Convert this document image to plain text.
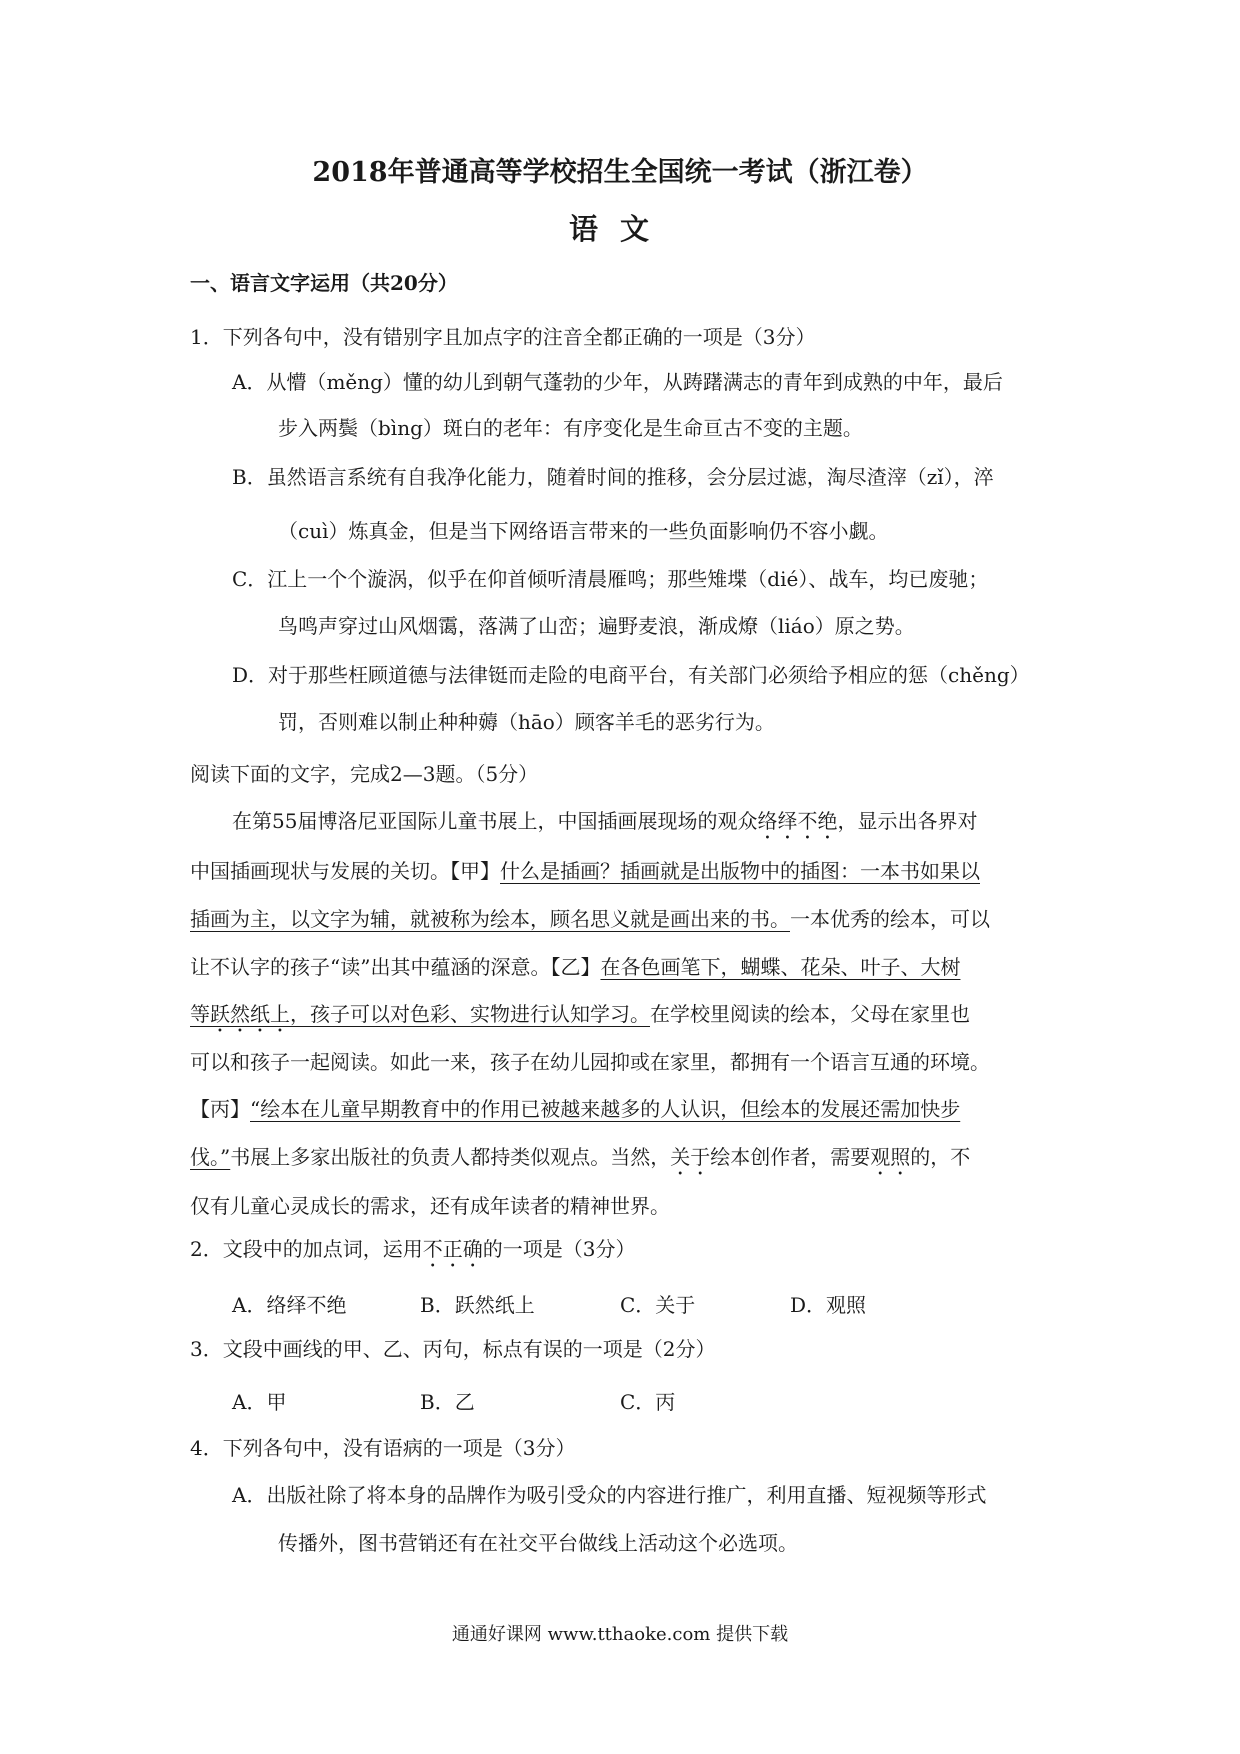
2018年普通高等学校招生全国统一考试（浙江卷）
语文
一、语言文字运用（共20分）
1．下列各句中，没有错别字且加点字的注音全都正确的一项是（3分）
A．从懵（měng）懂的幼儿到朝气蓬勃的少年，从踌躇满志的青年到成熟的中年，最后
步入两鬓（bìng）斑白的老年：有序变化是生命亘古不变的主题。
B．虽然语言系统有自我净化能力，随着时间的推移，会分层过滤，淘尽渣滓（zǐ），淬
（cuì）炼真金，但是当下网络语言带来的一些负面影响仍不容小觑。
C．江上一个个漩涡，似乎在仰首倾听清晨雁鸣；那些雉堞（dié）、战车，均已废驰；
鸟鸣声穿过山风烟霭，落满了山峦；遍野麦浪，渐成燎（liáo）原之势。
D．对于那些枉顾道德与法律铤而走险的电商平台，有关部门必须给予相应的惩（chěng）
罚，否则难以制止种种薅（hāo）顾客羊毛的恶劣行为。
阅读下面的文字，完成2—3题。（5分）
在第55届博洛尼亚国际儿童书展上，中国插画展现场的观众络绎不绝，显示出各界对
中国插画现状与发展的关切。【甲】什么是插画？插画就是出版物中的插图：一本书如果以
插画为主，以文字为辅，就被称为绘本，顾名思义就是画出来的书。一本优秀的绘本，可以
让不认字的孩子“读”出其中蕴涵的深意。【乙】在各色画笔下，蝴蝶、花朵、叶子、大树
等跃然纸上，孩子可以对色彩、实物进行认知学习。在学校里阅读的绘本，父母在家里也
可以和孩子一起阅读。如此一来，孩子在幼儿园抑或在家里，都拥有一个语言互通的环境。
【丙】“绘本在儿童早期教育中的作用已被越来越多的人认识，但绘本的发展还需加快步
伐。”书展上多家出版社的负责人都持类似观点。当然，关于绘本创作者，需要观照的，不
仅有儿童心灵成长的需求，还有成年读者的精神世界。
2．文段中的加点词，运用不正确的一项是（3分）
A．络绎不绝	B．跃然纸上	C．关于	D．观照
3．文段中画线的甲、乙、丙句，标点有误的一项是（2分）
A．甲	B．乙	C．丙
4．下列各句中，没有语病的一项是（3分）
A．出版社除了将本身的品牌作为吸引受众的内容进行推广，利用直播、短视频等形式
传播外，图书营销还有在社交平台做线上活动这个必选项。
通通好课网 www.tthaoke.com 提供下载
